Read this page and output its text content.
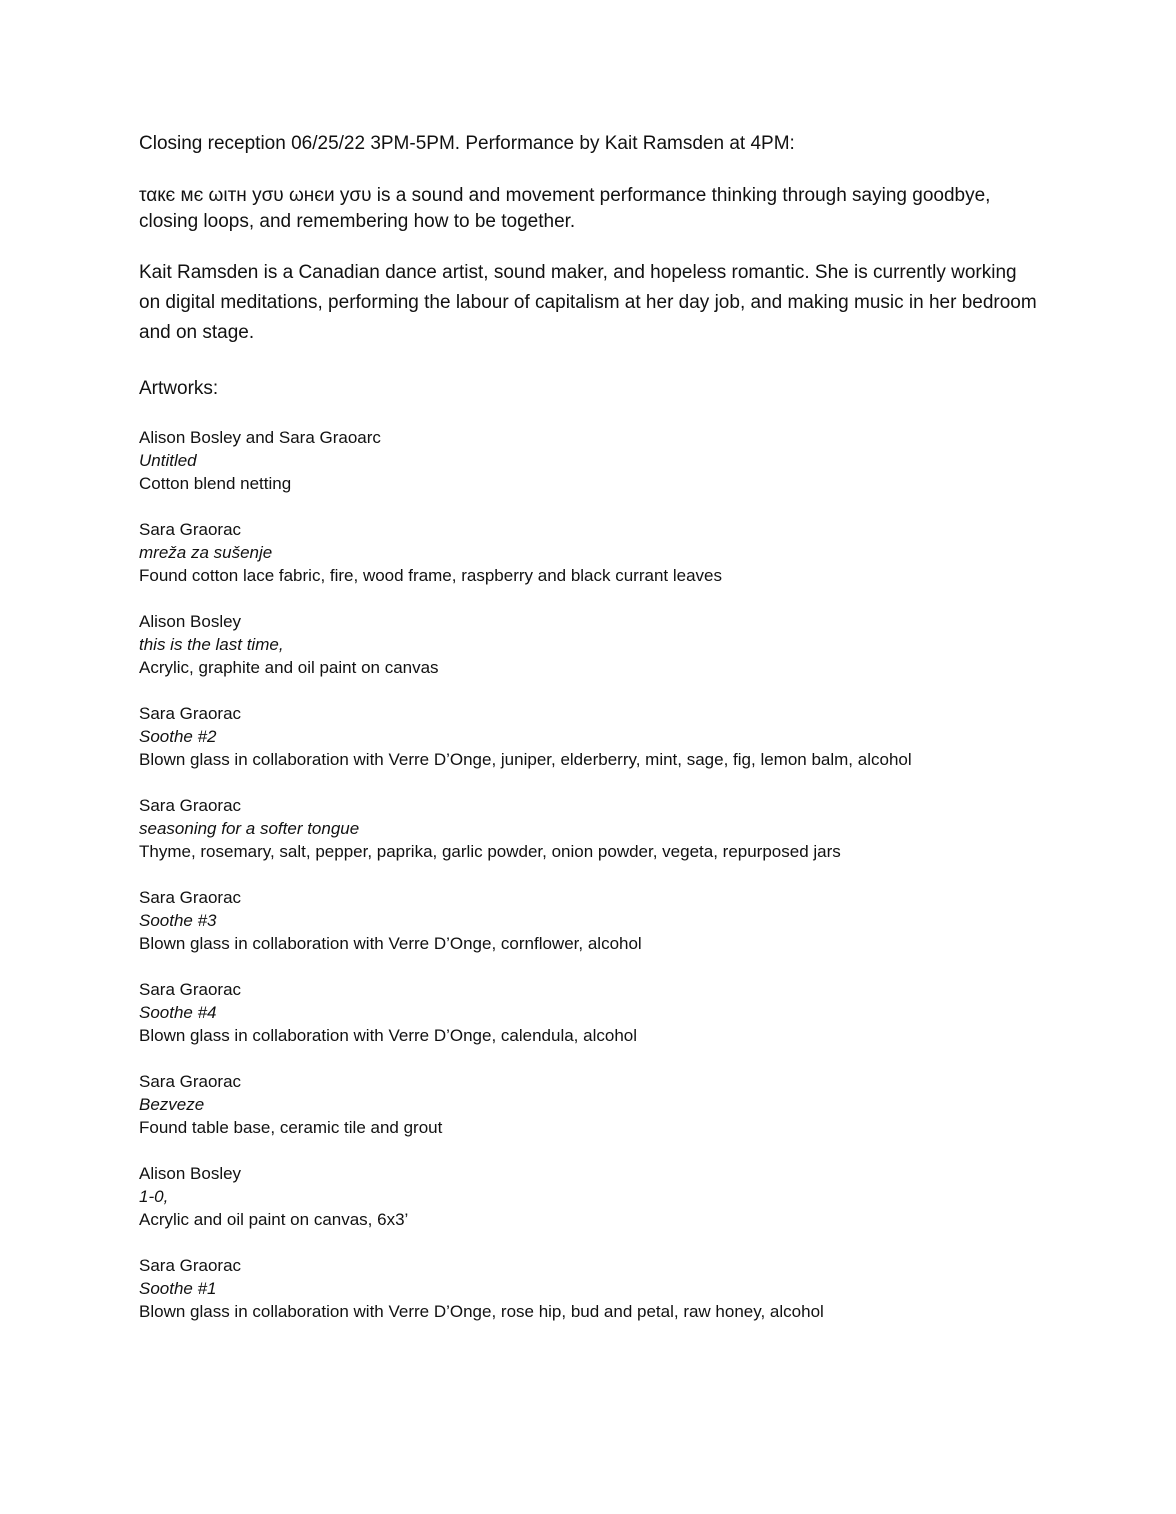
Closing reception 06/25/22 3PM-5PM. Performance by Kait Ramsden at 4PM:

ταкє мє ωιтн уσυ ωнєи уσυ is a sound and movement performance thinking through saying goodbye, closing loops, and remembering how to be together.

Kait Ramsden is a Canadian dance artist, sound maker, and hopeless romantic. She is currently working on digital meditations, performing the labour of capitalism at her day job, and making music in her bedroom and on stage.

Artworks:

Alison Bosley and Sara Graoarc
Untitled
Cotton blend netting
Sara Graorac
mreža za sušenje
Found cotton lace fabric, fire, wood frame, raspberry and black currant leaves
Alison Bosley
this is the last time,
Acrylic, graphite and oil paint on canvas
Sara Graorac
Soothe #2
Blown glass in collaboration with Verre D’Onge, juniper, elderberry, mint, sage, fig, lemon balm, alcohol
Sara Graorac
seasoning for a softer tongue
Thyme, rosemary, salt, pepper, paprika, garlic powder, onion powder, vegeta, repurposed jars
Sara Graorac
Soothe #3
Blown glass in collaboration with Verre D’Onge, cornflower, alcohol
Sara Graorac
Soothe #4
Blown glass in collaboration with Verre D’Onge, calendula, alcohol
Sara Graorac
Bezveze
Found table base, ceramic tile and grout
Alison Bosley
1-0,
Acrylic and oil paint on canvas, 6x3’
Sara Graorac
Soothe #1
Blown glass in collaboration with Verre D’Onge, rose hip, bud and petal, raw honey, alcohol
